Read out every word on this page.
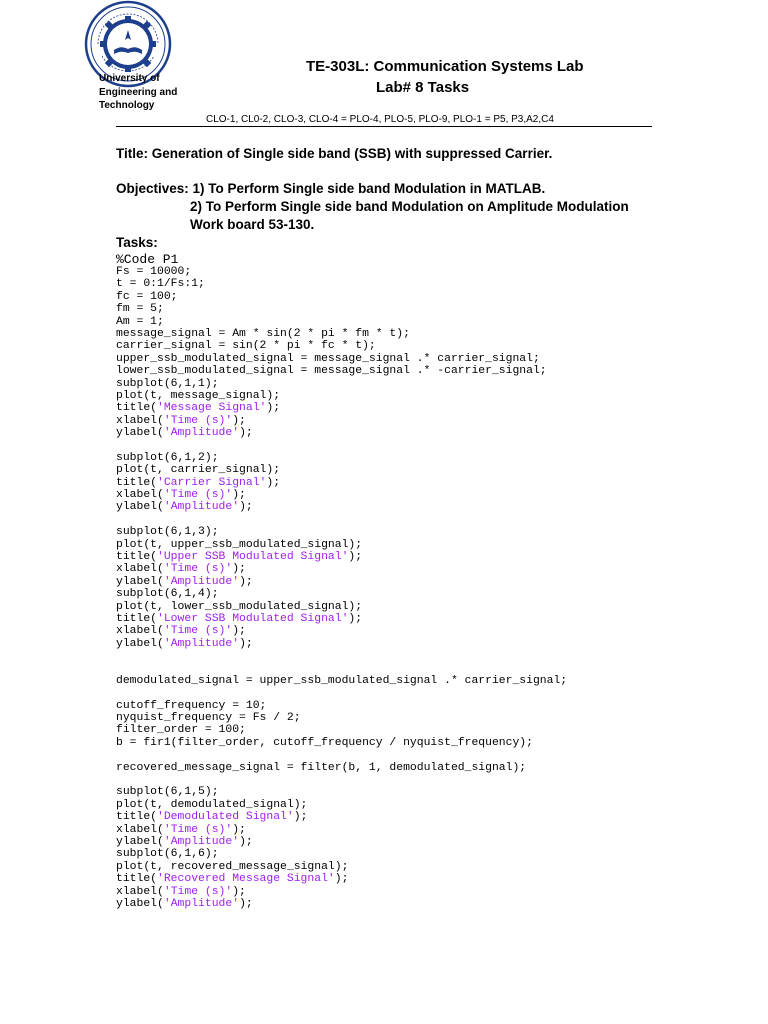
University of
Engineering and
Technology
TE-303L: Communication Systems Lab
Lab# 8 Tasks
CLO-1, CL0-2, CLO-3, CLO-4 = PLO-4, PLO-5, PLO-9, PLO-1 = P5, P3,A2,C4
Title: Generation of Single side band (SSB) with suppressed Carrier.
Objectives: 1) To Perform Single side band Modulation in MATLAB.
2) To Perform Single side band Modulation on Amplitude Modulation
Work board 53-130.
Tasks:
%Code P1
Fs = 10000;
t = 0:1/Fs:1;
fc = 100;
fm = 5;
Am = 1;
message_signal = Am * sin(2 * pi * fm * t);
carrier_signal = sin(2 * pi * fc * t);
upper_ssb_modulated_signal = message_signal .* carrier_signal;
lower_ssb_modulated_signal = message_signal .* -carrier_signal;
subplot(6,1,1);
plot(t, message_signal);
title('Message Signal');
xlabel('Time (s)');
ylabel('Amplitude');

subplot(6,1,2);
plot(t, carrier_signal);
title('Carrier Signal');
xlabel('Time (s)');
ylabel('Amplitude');

subplot(6,1,3);
plot(t, upper_ssb_modulated_signal);
title('Upper SSB Modulated Signal');
xlabel('Time (s)');
ylabel('Amplitude');
subplot(6,1,4);
plot(t, lower_ssb_modulated_signal);
title('Lower SSB Modulated Signal');
xlabel('Time (s)');
ylabel('Amplitude');

demodulated_signal = upper_ssb_modulated_signal .* carrier_signal;

cutoff_frequency = 10;
nyquist_frequency = Fs / 2;
filter_order = 100;
b = fir1(filter_order, cutoff_frequency / nyquist_frequency);

recovered_message_signal = filter(b, 1, demodulated_signal);

subplot(6,1,5);
plot(t, demodulated_signal);
title('Demodulated Signal');
xlabel('Time (s)');
ylabel('Amplitude');
subplot(6,1,6);
plot(t, recovered_message_signal);
title('Recovered Message Signal');
xlabel('Time (s)');
ylabel('Amplitude');
